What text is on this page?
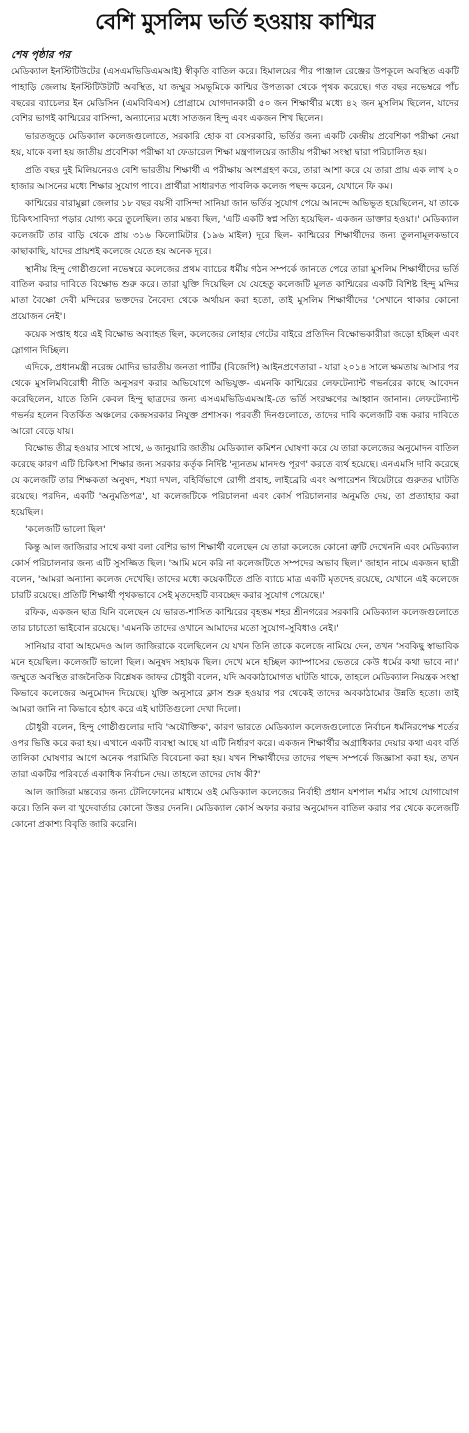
বেশি মুসলিম ভর্তি হওয়ায় কাশ্মির
শেষ পৃষ্ঠার পর

মেডিক্যাল ইনস্টিটিউটের (এসএমভিডিএমআই) স্বীকৃতি বাতিল করে। হিমালয়ের পীর পাঞ্জাল রেঞ্জের উপকূলে অবস্থিত একটি পাহাড়ি জেলায় ইনস্টিটিউটটি অবস্থিত, যা জম্মুর সমভূমিকে কাশ্মির উপত্যকা থেকে পৃথক করেছে। গত বছর নভেম্বরে পাঁচ বছরের ব্যাচেলর ইন মেডিসিন (এমবিবিএস) প্রোগ্রামে যোগদানকারী ৫০ জন শিক্ষার্থীর মধ্যে ৪২ জন মুসলিম ছিলেন, যাদের বেশির ভাগই কাশ্মিরের বাসিন্দা, অন্যান্যের মধ্যে সাতজন হিন্দু এবং একজন শিখ ছিলেন।

ভারতজুড়ে মেডিক্যাল কলেজগুলোতে, সরকারি হোক বা বেসরকারি, ভর্তির জন্য একটি কেন্দ্রীয় প্রবেশিকা পরীক্ষা নেয়া হয়, যাকে বলা হয় জাতীয় প্রবেশিকা পরীক্ষা যা ফেডারেল শিক্ষা মন্ত্রণালয়ের জাতীয় পরীক্ষা সংস্থা দ্বারা পরিচালিত হয়।

প্রতি বছর দুই মিলিয়নেরও বেশি ভারতীয় শিক্ষার্থী এ পরীক্ষায় অংশগ্রহণ করে, তারা আশা করে যে তারা প্রায় এক লাখ ২০ হাজার আসনের মধ্যে শিক্ষার সুযোগ পাবে। প্রার্থীরা সাধারণত পাবলিক কলেজ পছন্দ করেন, যেখানে ফি কম।

কাশ্মিরের বারামুল্লা জেলার ১৮ বছর বয়সী বাসিন্দা সানিয়া জান ভর্তির সুযোগ পেয়ে আনন্দে অভিভূত হয়েছিলেন, যা তাকে চিকিৎসাবিদ্যা পড়ার যোগ্য করে তুলেছিল। তার মন্তব্য ছিল, 'এটি একটি স্বপ্ন সত্যি হয়েছিল- একজন ডাক্তার হওয়া।' মেডিক্যাল কলেজটি তার বাড়ি থেকে প্রায় ৩১৬ কিলোমিটার (১৯৬ মাইল) দূরে ছিল- কাশ্মিরের শিক্ষার্থীদের জন্য তুলনামূলকভাবে কাছাকাছি, যাদের প্রায়শই কলেজে যেতে হয় অনেক দূরে।

স্থানীয় হিন্দু গোষ্ঠীগুলো নভেম্বরে কলেজের প্রথম ব্যাচের ধর্মীয় গঠন সম্পর্কে জানতে পেরে তারা মুসলিম শিক্ষার্থীদের ভর্তি বাতিল করার দাবিতে বিক্ষোভ শুরু করে। তারা যুক্তি দিয়েছিল যে যেহেতু কলেজটি মূলত কাশ্মিরের একটি বিশিষ্ট হিন্দু মন্দির মাতা বৈষ্ণো দেবী মন্দিরের ভক্তদের নৈবেদ্য থেকে অর্থায়ন করা হতো, তাই মুসলিম শিক্ষার্থীদের 'সেখানে থাকার কোনো প্রয়োজন নেই'।

কয়েক সপ্তাহ ধরে এই বিক্ষোভ অব্যাহত ছিল, কলেজের লোহার গেটের বাইরে প্রতিদিন বিক্ষোভকারীরা জড়ো হচ্ছিল এবং স্লোগান দিচ্ছিল।

এদিকে, প্রধানমন্ত্রী নরেন্দ্র মোদির ভারতীয় জনতা পার্টির (বিজেপি) আইনপ্রণেতারা - যারা ২০১৪ সালে ক্ষমতায় আসার পর থেকে মুসলিমবিরোধী নীতি অনুসরণ করার অভিযোগে অভিযুক্ত- এমনকি কাশ্মিরের লেফটেন্যান্ট গভর্নরের কাছে আবেদন করেছিলেন, যাতে তিনি কেবল হিন্দু ছাত্রদের জন্য এসএমভিডিএমআই-তে ভর্তি সংরক্ষণের আহ্বান জানান। লেফটেন্যান্ট গভর্নর হলেন বিতর্কিত অঞ্চলের কেন্দ্রসরকার নিযুক্ত প্রশাসক। পরবর্তী দিনগুলোতে, তাদের দাবি কলেজটি বন্ধ করার দাবিতে আরো বেড়ে যায়।

বিক্ষোভ তীব্র হওয়ার সাথে সাথে, ৬ জানুয়ারি জাতীয় মেডিক্যাল কমিশন ঘোষণা করে যে তারা কলেজের অনুমোদন বাতিল করেছে কারণ এটি চিকিৎসা শিক্ষার জন্য সরকার কর্তৃক নির্দিষ্ট 'ন্যূনতম মানদণ্ড পূরণ' করতে ব্যর্থ হয়েছে। এনএমসি দাবি করেছে যে কলেজটি তার শিক্ষকতা অনুষদ, শয্যা দখল, বহির্বিভাগে রোগী প্রবাহ, লাইব্রেরি এবং অপারেশন থিয়েটারে গুরুতর ঘাটতি রয়েছে। পরদিন, একটি 'অনুমতিপত্র', যা কলেজটিকে পরিচালনা এবং কোর্স পরিচালনার অনুমতি দেয়, তা প্রত্যাহার করা হয়েছিল।

'কলেজটি ভালো ছিল'

কিন্তু আল জাজিরার সাথে কথা বলা বেশির ভাগ শিক্ষার্থী বলেছেন যে তারা কলেজে কোনো ত্রুটি দেখেননি এবং মেডিক্যাল কোর্স পরিচালনার জন্য এটি সুসজ্জিত ছিল। 'আমি মনে করি না কলেজটিতে সম্পদের অভাব ছিল।' জাহান নামে একজন ছাত্রী বলেন, 'আমরা অন্যান্য কলেজ দেখেছি। তাদের মধ্যে কয়েকটিতে প্রতি ব্যাচে মাত্র একটি মৃতদেহ রয়েছে, যেখানে এই কলেজে চারটি রয়েছে। প্রতিটি শিক্ষার্থী পৃথকভাবে সেই মৃতদেহটি ব্যবচ্ছেদ করার সুযোগ পেয়েছে।'

রফিক, একজন ছাত্র যিনি বলেছেন যে ভারত-শাসিত কাশ্মিরের বৃহত্তম শহর শ্রীনগরের সরকারি মেডিক্যাল কলেজগুলোতে তার চাচাতো ভাইবোন রয়েছে। 'এমনকি তাদের ওখানে আমাদের মতো সুযোগ-সুবিধাও নেই।'

সানিয়ার বাবা আহমেদও আল জাজিরাকে বলেছিলেন যে যখন তিনি তাকে কলেজে নামিয়ে দেন, তখন 'সবকিছু স্বাভাবিক মনে হয়েছিল। কলেজটি ভালো ছিল। অনুষদ সহায়ক ছিল। দেখে মনে হচ্ছিল ক্যাম্পাসের ভেতরে কেউ ধর্মের কথা ভাবে না।' জম্মুতে অবস্থিত রাজনৈতিক বিশ্লেষক জাফর চৌধুরী বলেন, যদি অবকাঠামোগত ঘাটতি থাকে, তাহলে মেডিক্যাল নিয়ন্ত্রক সংস্থা কিভাবে কলেজের অনুমোদন দিয়েছে। যুক্তি অনুসারে ক্লাস শুরু হওয়ার পর থেকেই তাদের অবকাঠামোর উন্নতি হতো। তাই আমরা জানি না কিভাবে হঠাৎ করে এই ঘাটতিগুলো দেখা দিলো।

চৌধুরী বলেন, হিন্দু গোষ্ঠীগুলোর দাবি 'অযৌক্তিক', কারণ ভারতে মেডিক্যাল কলেজগুলোতে নির্বাচন ধর্মনিরপেক্ষ শর্তের ওপর ভিত্তি করে করা হয়। এখানে একটি ব্যবস্থা আছে যা এটি নির্ধারণ করে। একজন শিক্ষার্থীর অগ্রাধিকার দেয়ার কথা এবং বর্তি তালিকা ঘোষণার আগে অনেক পরামিতি বিবেচনা করা হয়। যখন শিক্ষার্থীদের তাদের পছন্দ সম্পর্কে জিজ্ঞাসা করা হয়, তখন তারা একটির পরিবর্তে একাধিক নির্বাচন দেয়। তাহলে তাদের দোষ কী?'

আল জাজিরা মন্তব্যের জন্য টেলিফোনের মাধ্যমে ওই মেডিক্যাল কলেজের নির্বাহী প্রধান যশপাল শর্মার সাথে যোগাযোগ করে। তিনি কল বা খুদেবার্তার কোনো উত্তর দেননি। মেডিক্যাল কোর্স অফার করার অনুমোদন বাতিল করার পর থেকে কলেজটি কোনো প্রকাশ্য বিবৃতি জারি করেনি।
